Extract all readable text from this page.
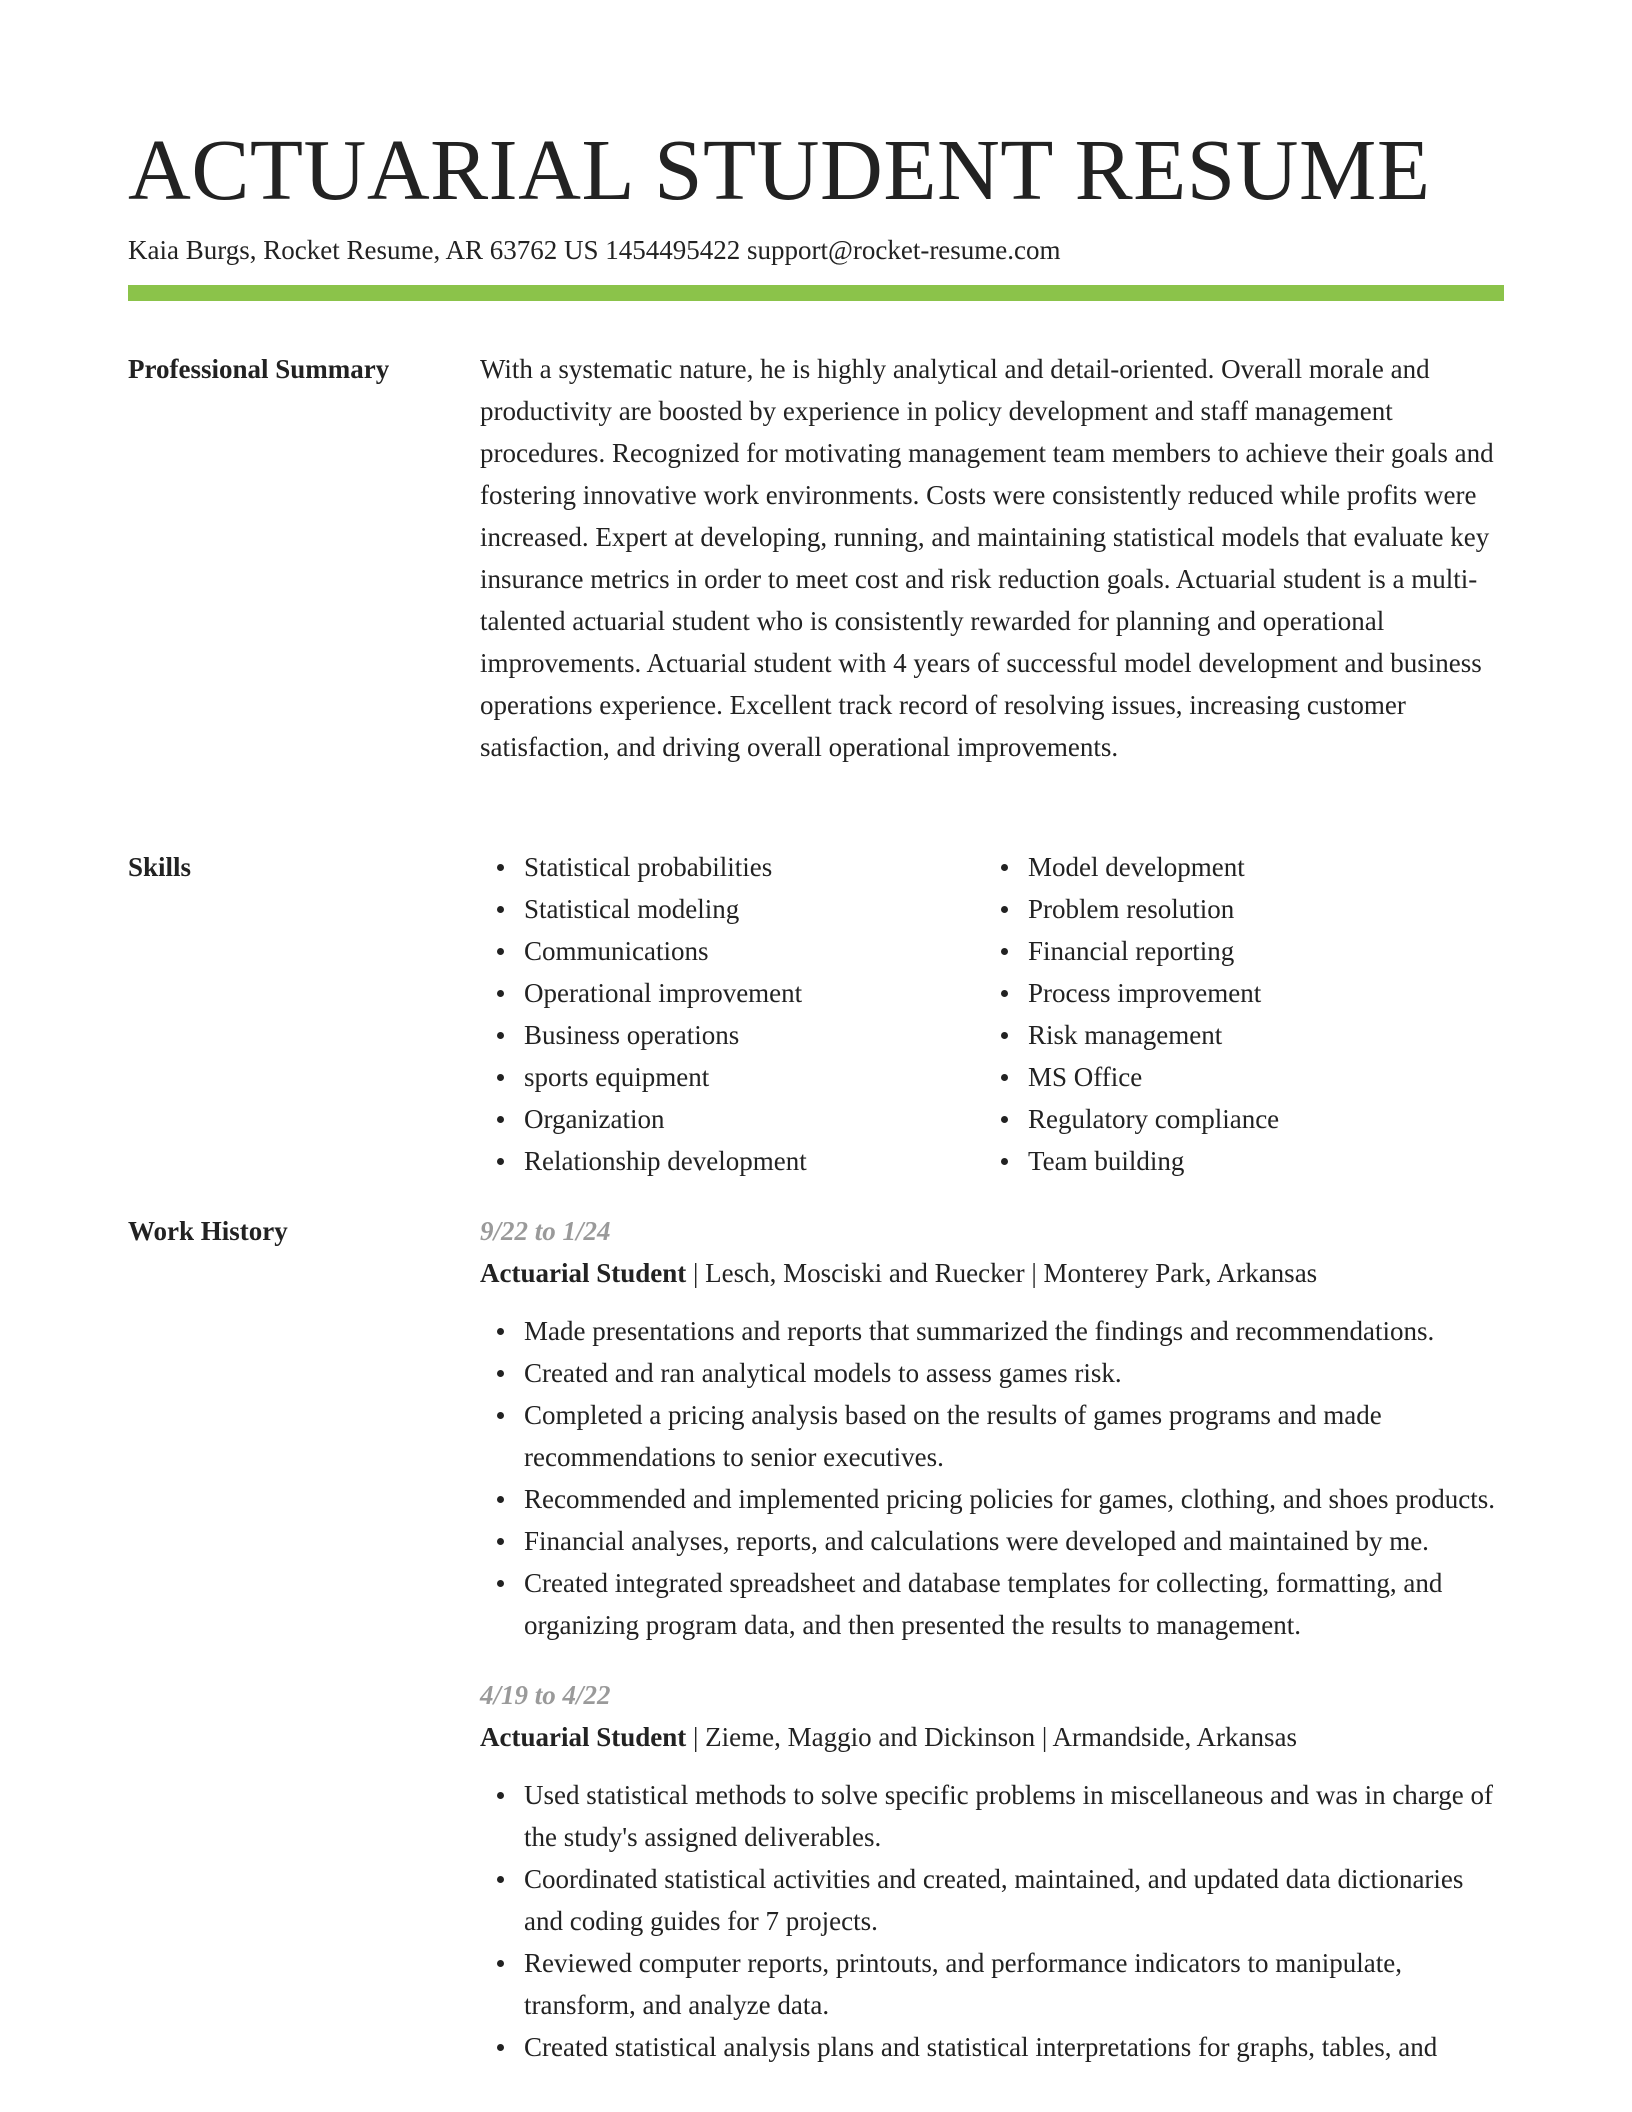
ACTUARIAL STUDENT RESUME
Kaia Burgs, Rocket Resume, AR 63762 US 1454495422 support@rocket-resume.com
Professional Summary	With a systematic nature, he is highly analytical and detail-oriented. Overall morale and productivity are boosted by experience in policy development and staff management procedures. Recognized for motivating management team members to achieve their goals and fostering innovative work environments. Costs were consistently reduced while profits were increased. Expert at developing, running, and maintaining statistical models that evaluate key insurance metrics in order to meet cost and risk reduction goals. Actuarial student is a multi-talented actuarial student who is consistently rewarded for planning and operational improvements. Actuarial student with 4 years of successful model development and business operations experience. Excellent track record of resolving issues, increasing customer satisfaction, and driving overall operational improvements.

Skills	Statistical probabilities
Statistical modeling
Communications
Operational improvement
Business operations
sports equipment
Organization
Relationship development
Model development
Problem resolution
Financial reporting
Process improvement
Risk management
MS Office
Regulatory compliance
Team building
Work History	9/22 to 1/24
Actuarial Student | Lesch, Mosciski and Ruecker | Monterey Park, Arkansas
Made presentations and reports that summarized the findings and recommendations.
Created and ran analytical models to assess games risk.
Completed a pricing analysis based on the results of games programs and made recommendations to senior executives.
Recommended and implemented pricing policies for games, clothing, and shoes products.
Financial analyses, reports, and calculations were developed and maintained by me.
Created integrated spreadsheet and database templates for collecting, formatting, and organizing program data, and then presented the results to management.
4/19 to 4/22
Actuarial Student | Zieme, Maggio and Dickinson | Armandside, Arkansas
Used statistical methods to solve specific problems in miscellaneous and was in charge of the study's assigned deliverables.
Coordinated statistical activities and created, maintained, and updated data dictionaries and coding guides for 7 projects.
Reviewed computer reports, printouts, and performance indicators to manipulate, transform, and analyze data.
Created statistical analysis plans and statistical interpretations for graphs, tables, and
